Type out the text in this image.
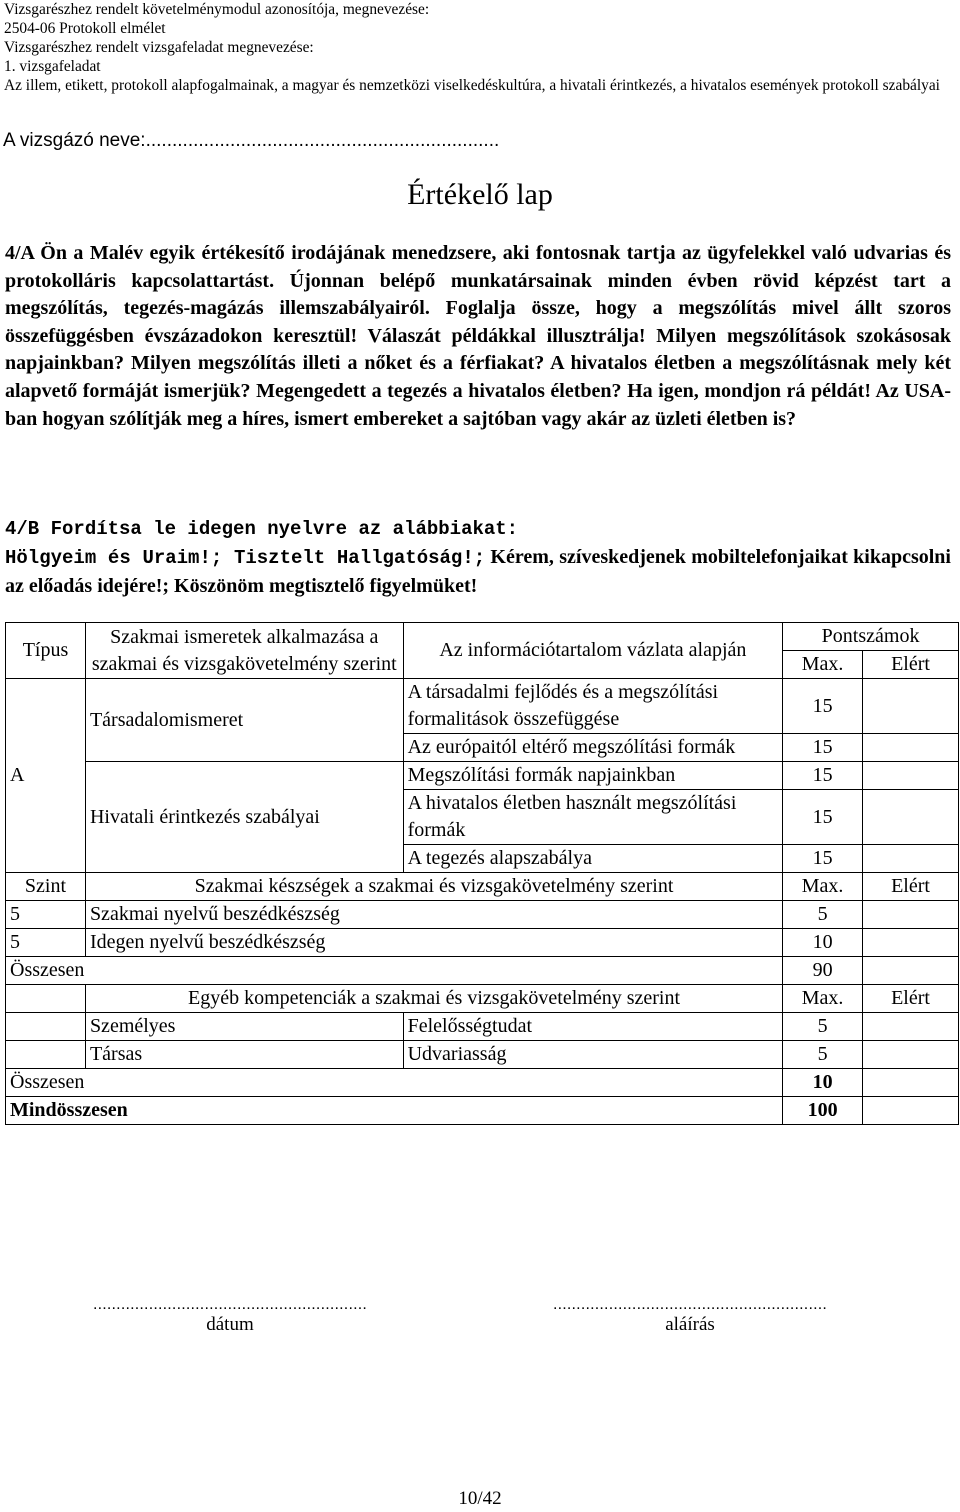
Vizsgarészhez rendelt követelménymodul azonosítója, megnevezése:
2504-06 Protokoll elmélet
Vizsgarészhez rendelt vizsgafeladat megnevezése:
1. vizsgafeladat
Az illem, etikett, protokoll alapfogalmainak, a magyar és nemzetközi viselkedéskultúra, a hivatali érintkezés, a hivatalos események protokoll szabályai
A vizsgázó neve:...................................................................
Értékelő lap
4/A Ön a Malév egyik értékesítő irodájának menedzsere, aki fontosnak tartja az ügyfelekkel való udvarias és protokolláris kapcsolattartást. Újonnan belépő munkatársainak minden évben rövid képzést tart a megszólítás, tegezés-magázás illemszabályairól. Foglalja össze, hogy a megszólítás mivel állt szoros összefüggésben évszázadokon keresztül! Válaszát példákkal illusztrálja! Milyen megszólítások szokásosak napjainkban? Milyen megszólítás illeti a nőket és a férfiakat? A hivatalos életben a megszólításnak mely két alapvető formáját ismerjük? Megengedett a tegezés a hivatalos életben? Ha igen, mondjon rá példát! Az USA-ban hogyan szólítják meg a híres, ismert embereket a sajtóban vagy akár az üzleti életben is?
4/B Fordítsa le idegen nyelvre az alábbiakat:
Hölgyeim és Uraim!; Tisztelt Hallgatóság!; Kérem, szíveskedjenek mobiltelefonjaikat kikapcsolni az előadás idejére!; Köszönöm megtisztelő figyelmüket!
Típus	Szakmai ismeretek alkalmazása a szakmai és vizsgakövetelmény szerint	Az információtartalom vázlata alapján	Pontszámok	
			Max.	Elért
A	Társadalomismeret	A társadalmi fejlődés és a megszólítási formalitások összefüggése	15	
		Az európaitól eltérő megszólítási formák	15	
	Hivatali érintkezés szabályai	Megszólítási formák napjainkban	15	
		A hivatalos életben használt megszólítási formák	15	
		A tegezés alapszabálya	15	
Szint	Szakmai készségek a szakmai és vizsgakövetelmény szerint		Max.	Elért
5	Szakmai nyelvű beszédkészség		5	
5	Idegen nyelvű beszédkészség		10	
Összesen			90	
	Egyéb kompetenciák a szakmai és vizsgakövetelmény szerint		Max.	Elért
	Személyes	Felelősségtudat	5	
	Társas	Udvariasság	5	
Összesen			10	
Mindösszesen			100	
...........................................................
dátum
...........................................................
aláírás
10/42
